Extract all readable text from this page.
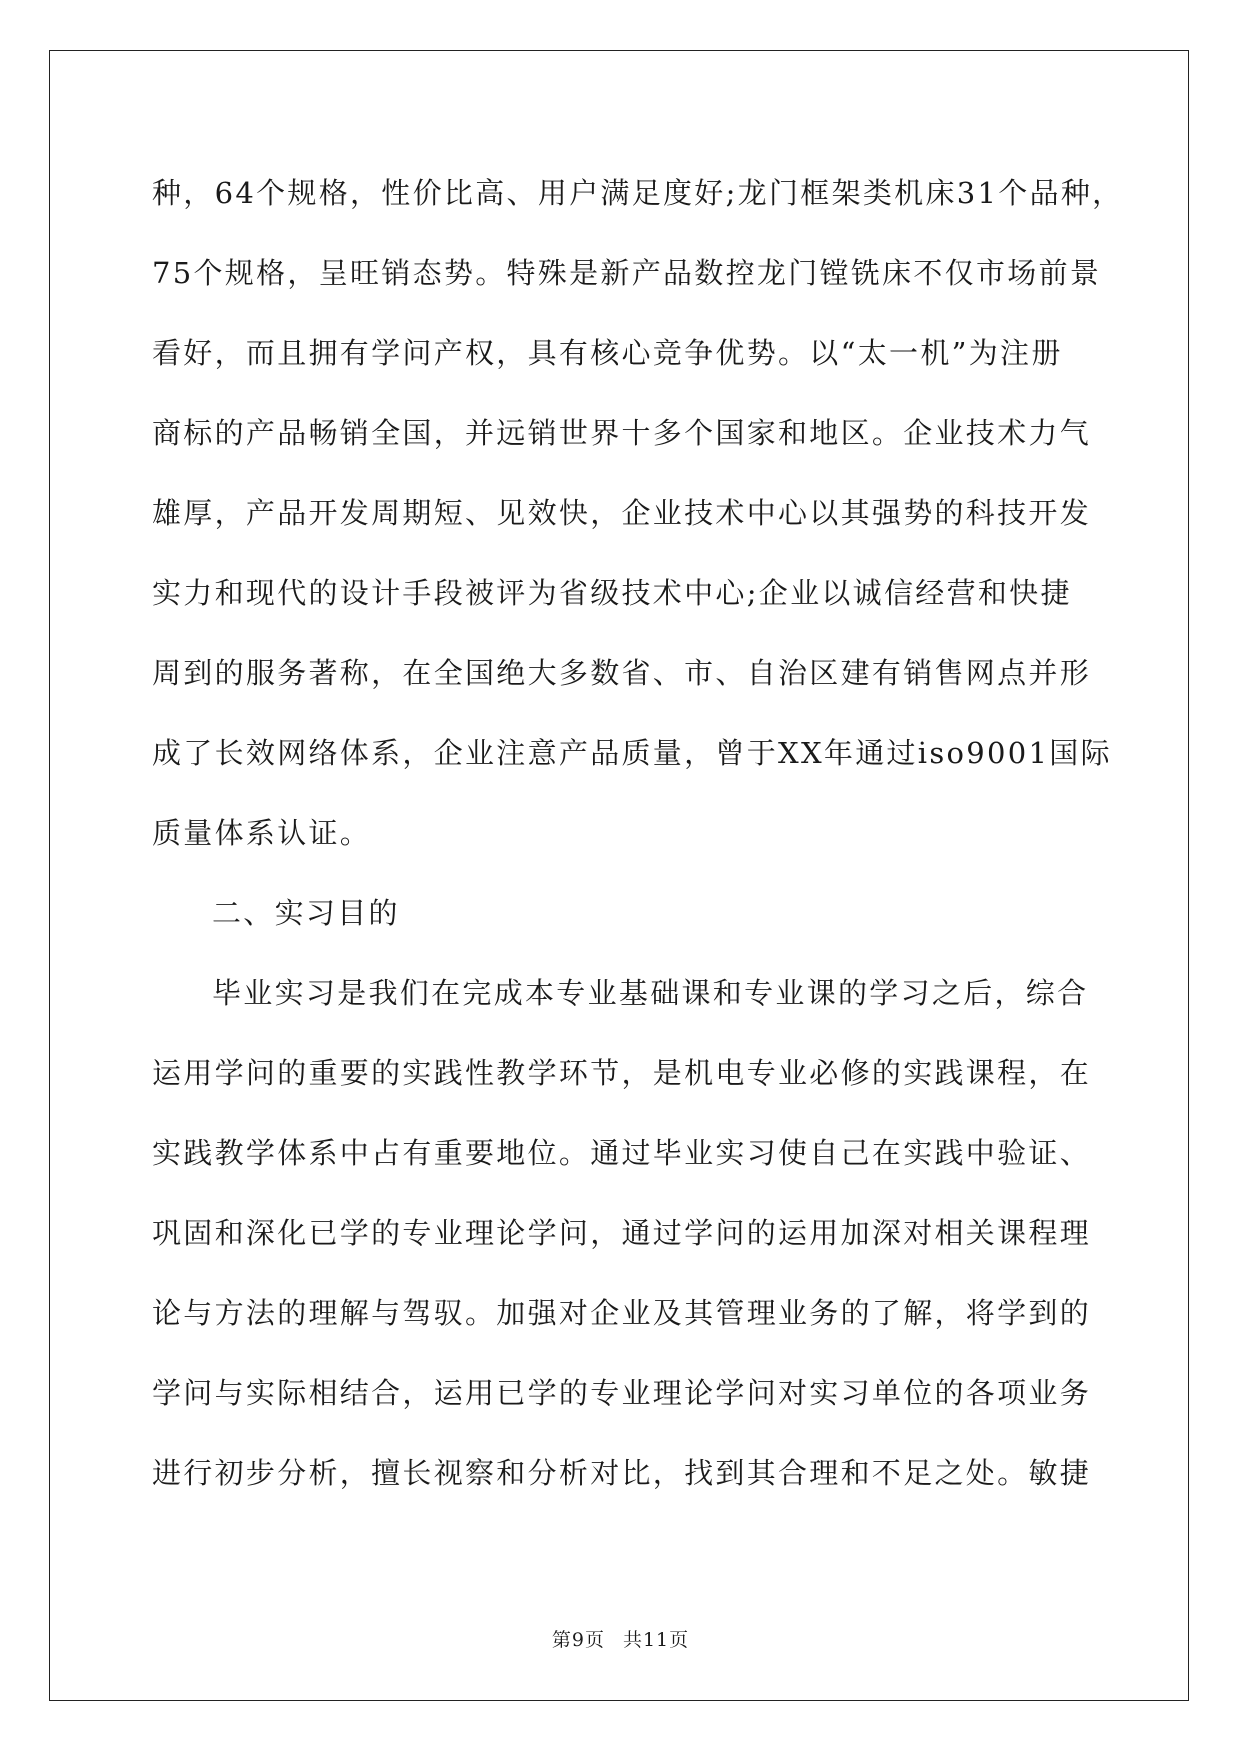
种，64个规格，性价比高、用户满足度好;龙门框架类机床31个品种，
75个规格，呈旺销态势。特殊是新产品数控龙门镗铣床不仅市场前景
看好，而且拥有学问产权，具有核心竞争优势。以“太一机”为注册
商标的产品畅销全国，并远销世界十多个国家和地区。企业技术力气
雄厚，产品开发周期短、见效快，企业技术中心以其强势的科技开发
实力和现代的设计手段被评为省级技术中心;企业以诚信经营和快捷
周到的服务著称，在全国绝大多数省、市、自治区建有销售网点并形
成了长效网络体系，企业注意产品质量，曾于XX年通过iso9001国际
质量体系认证。
二、实习目的
毕业实习是我们在完成本专业基础课和专业课的学习之后，综合
运用学问的重要的实践性教学环节，是机电专业必修的实践课程，在
实践教学体系中占有重要地位。通过毕业实习使自己在实践中验证、
巩固和深化已学的专业理论学问，通过学问的运用加深对相关课程理
论与方法的理解与驾驭。加强对企业及其管理业务的了解，将学到的
学问与实际相结合，运用已学的专业理论学问对实习单位的各项业务
进行初步分析，擅长视察和分析对比，找到其合理和不足之处。敏捷
第9页 共11页
